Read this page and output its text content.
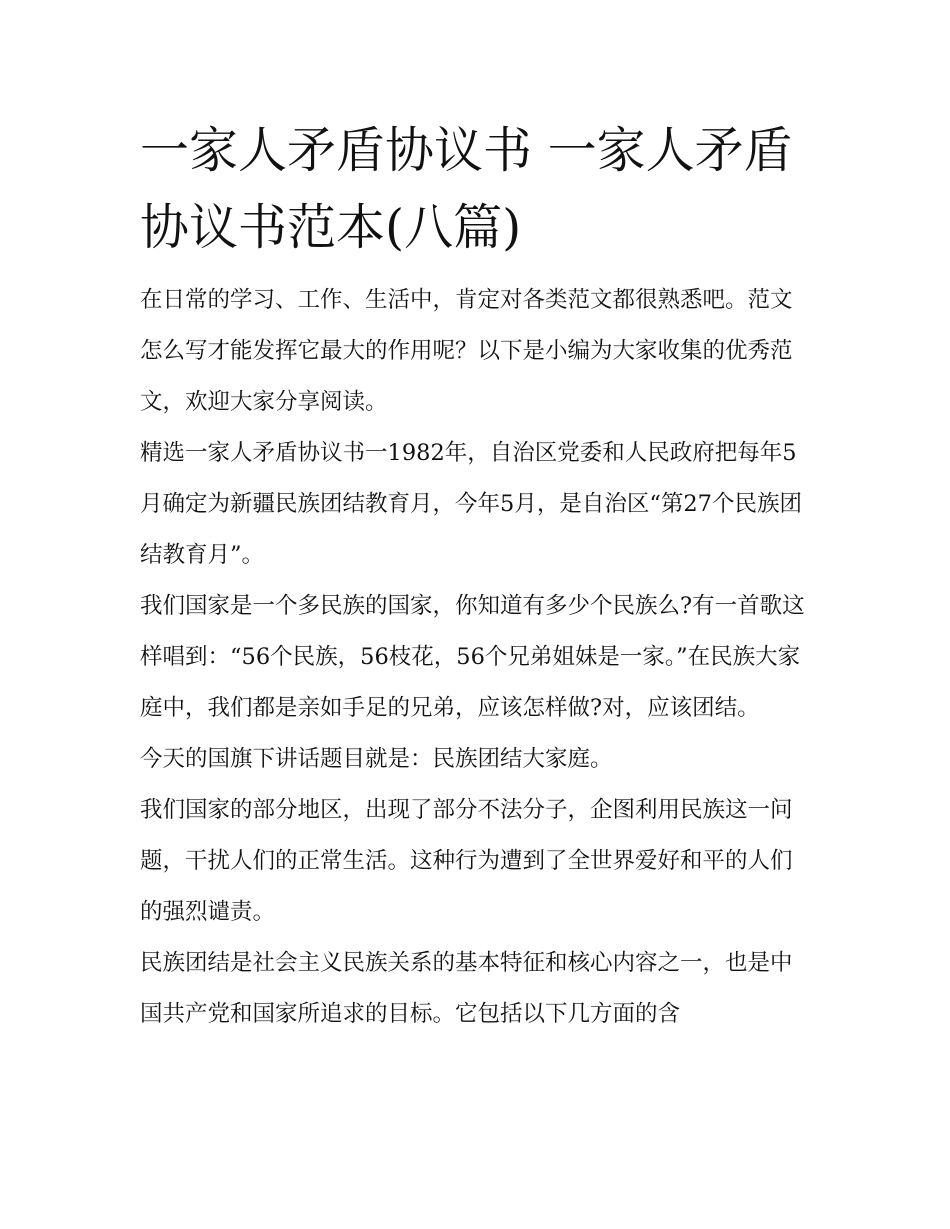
一家人矛盾协议书 一家人矛盾协议书范本(八篇)

在日常的学习、工作、生活中，肯定对各类范文都很熟悉吧。范文怎么写才能发挥它最大的作用呢？以下是小编为大家收集的优秀范文，欢迎大家分享阅读。

精选一家人矛盾协议书一1982年，自治区党委和人民政府把每年5月确定为新疆民族团结教育月，今年5月，是自治区“第27个民族团结教育月”。

我们国家是一个多民族的国家，你知道有多少个民族么?有一首歌这样唱到：“56个民族，56枝花，56个兄弟姐妹是一家。”在民族大家庭中，我们都是亲如手足的兄弟，应该怎样做?对，应该团结。

今天的国旗下讲话题目就是：民族团结大家庭。

我们国家的部分地区，出现了部分不法分子，企图利用民族这一问题，干扰人们的正常生活。这种行为遭到了全世界爱好和平的人们的强烈谴责。

民族团结是社会主义民族关系的基本特征和核心内容之一，也是中国共产党和国家所追求的目标。它包括以下几方面的含
